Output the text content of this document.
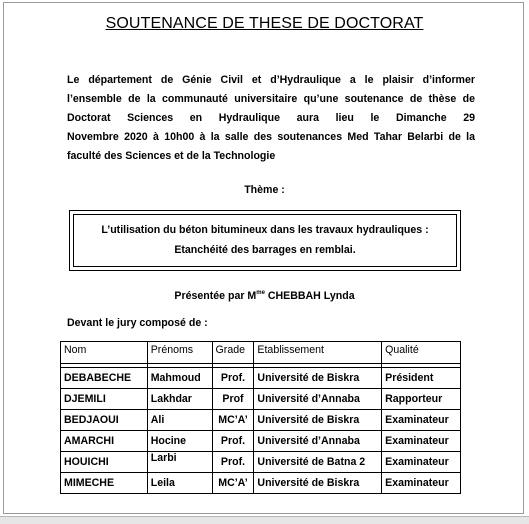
SOUTENANCE DE THESE DE DOCTORAT
Le département de Génie Civil et d’Hydraulique a le plaisir d’informer
l’ensemble de la communauté universitaire qu’une soutenance de thèse de
Doctorat Sciences en Hydraulique aura lieu le Dimanche 29
Novembre 2020 à 10h00 à la salle des soutenances Med Tahar Belarbi de la
faculté des Sciences et de la Technologie
Thème :
L’utilisation du béton bitumineux dans les travaux hydrauliques :
Etanchéité des barrages en remblai.
Présentée par $M^{me}$ CHEBBAH Lynda
Devant le jury composé de :
Nom	Prénoms	Grade	Etablissement	Qualité

DEBABECHE	Mahmoud	Prof.	Université de Biskra	Président
DJEMILI	Lakhdar	Prof	Université d’Annaba	Rapporteur
BEDJAOUI	Ali	MC’A’	Université de Biskra	Examinateur
AMARCHI	Hocine	Prof.	Université d’Annaba	Examinateur
HOUICHI	Larbi	Prof.	Université de Batna 2	Examinateur
MIMECHE	Leila	MC’A’	Université de Biskra	Examinateur
